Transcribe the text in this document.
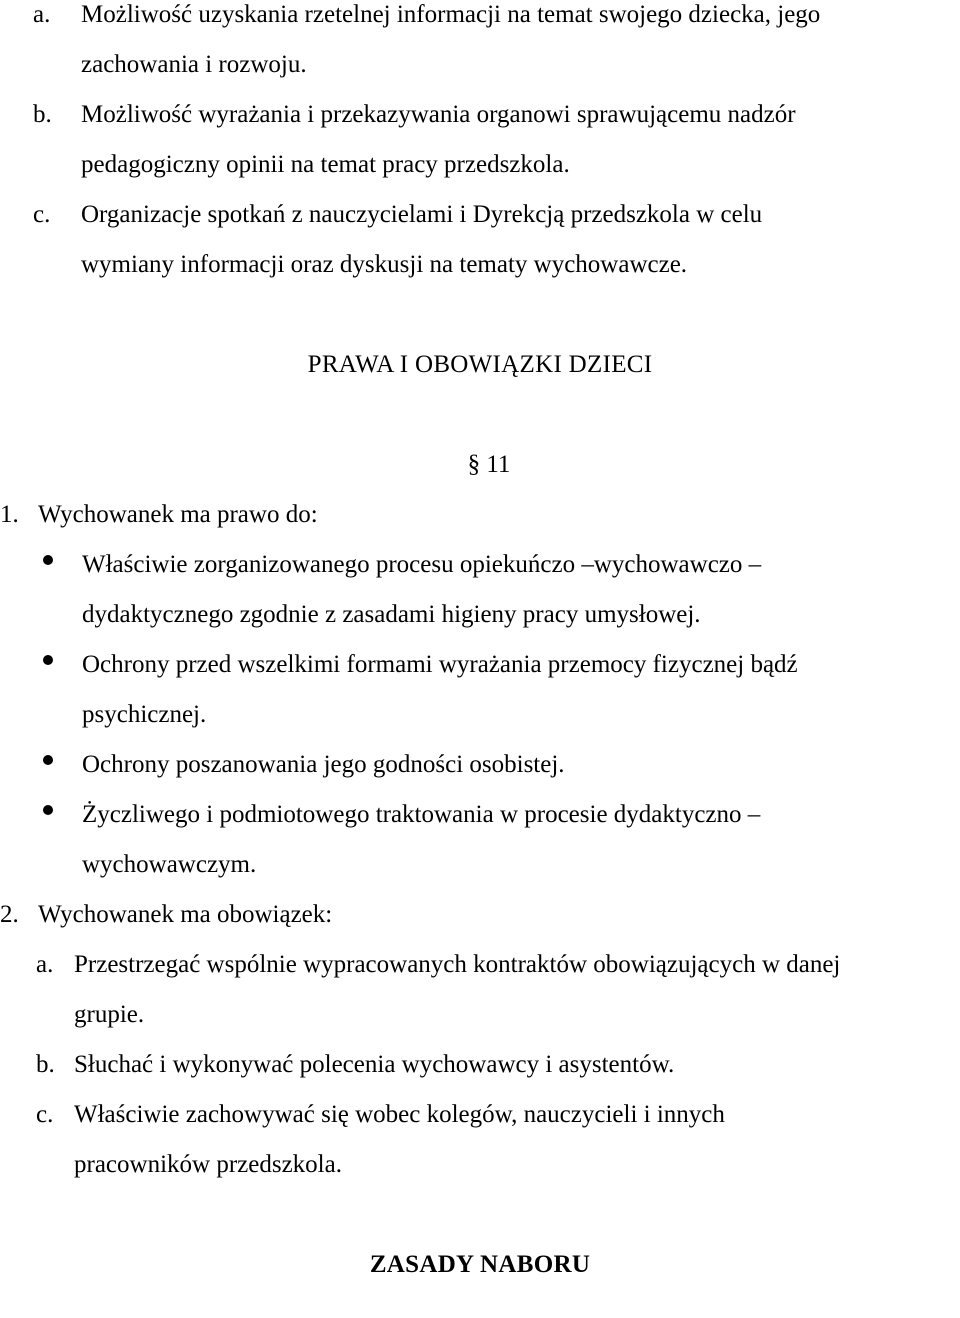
a.	Możliwość uzyskania rzetelnej informacji na temat swojego dziecka, jego
zachowania i rozwoju.
b.	Możliwość wyrażania i przekazywania organowi sprawującemu nadzór
pedagogiczny opinii na temat pracy przedszkola.
c.	Organizacje spotkań z nauczycielami i Dyrekcją przedszkola w celu
wymiany informacji oraz dyskusji na tematy wychowawcze.
PRAWA I OBOWIĄZKI DZIECI
§ 11
1. Wychowanek ma prawo do:
Właściwie zorganizowanego procesu opiekuńczo –wychowawczo –
dydaktycznego zgodnie z zasadami higieny pracy umysłowej.
Ochrony przed wszelkimi formami wyrażania przemocy fizycznej bądź
psychicznej.
Ochrony poszanowania jego godności osobistej.
Życzliwego i podmiotowego traktowania w procesie dydaktyczno –
wychowawczym.
2. Wychowanek ma obowiązek:
a. Przestrzegać wspólnie wypracowanych kontraktów obowiązujących w danej
grupie.
b. Słuchać i wykonywać polecenia wychowawcy i asystentów.
c. Właściwie zachowywać się wobec kolegów, nauczycieli i innych
pracowników przedszkola.
ZASADY NABORU
